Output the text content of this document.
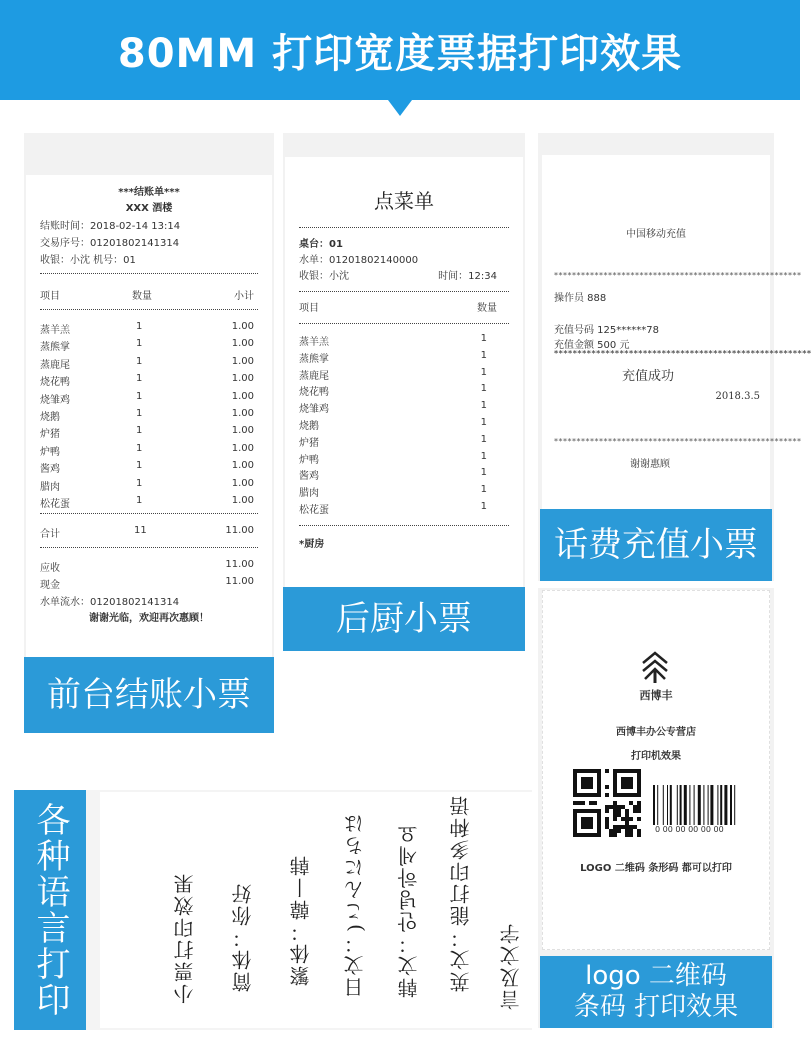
80MM 打印宽度票据打印效果
***结账单***
XXX 酒楼
结账时间：2018-02-14 13:14
交易序号：01201802141314
收银：小沈 机号：01
项目	数量	小计
蒸羊羔	1	1.00
蒸熊掌	1	1.00
蒸鹿尾	1	1.00
烧花鸭	1	1.00
烧雏鸡	1	1.00
烧鹅	1	1.00
炉猪	1	1.00
炉鸭	1	1.00
酱鸡	1	1.00
腊肉	1	1.00
松花蛋	1	1.00
合计	11	11.00
应收	11.00
现金	11.00
水单流水：01201802141314
谢谢光临，欢迎再次惠顾！
前台结账小票
点菜单
桌台：01
水单：01201802140000
收银：小沈	时间：12:34
项目	数量
蒸羊羔	1
蒸熊掌	1
蒸鹿尾	1
烧花鸭	1
烧雏鸡	1
烧鹅	1
炉猪	1
炉鸭	1
酱鸡	1
腊肉	1
松花蛋	1
*厨房
后厨小票
中国移动充值
*******************************************************
操作员 888
充值号码 125******78
充值金额 500 元
*******************************************************
充值成功
2018.3.5
*******************************************************
谢谢惠顾
话费充值小票
西博丰
西博丰办公专营店
打印机效果
0 00 00 00 00 00
LOGO 二维码 条形码 都可以打印
logo 二维码
条码 打印效果
各种语言打印	小票打印效果 简体：你好 繁体：韓丨韩 日文：)こんにちは 韩文：안녕하세요 英文：能打印多种语 言及文字
